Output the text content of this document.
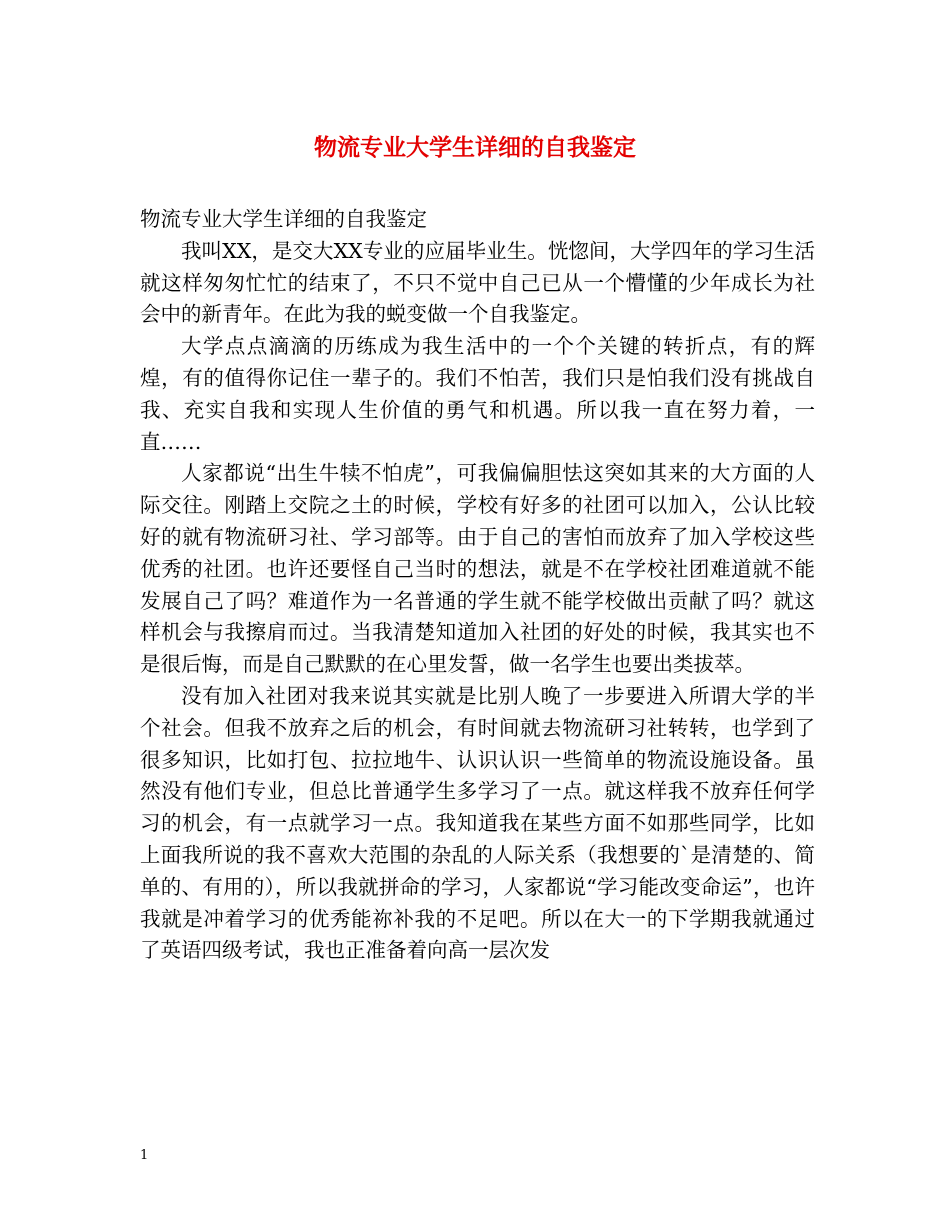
物流专业大学生详细的自我鉴定

物流专业大学生详细的自我鉴定

我叫XX，是交大XX专业的应届毕业生。恍惚间，大学四年的学习生活就这样匆匆忙忙的结束了，不只不觉中自己已从一个懵懂的少年成长为社会中的新青年。在此为我的蜕变做一个自我鉴定。

大学点点滴滴的历练成为我生活中的一个个关键的转折点，有的辉煌，有的值得你记住一辈子的。我们不怕苦，我们只是怕我们没有挑战自我、充实自我和实现人生价值的勇气和机遇。所以我一直在努力着，一直……

人家都说“出生牛犊不怕虎”，可我偏偏胆怯这突如其来的大方面的人际交往。刚踏上交院之土的时候，学校有好多的社团可以加入，公认比较好的就有物流研习社、学习部等。由于自己的害怕而放弃了加入学校这些优秀的社团。也许还要怪自己当时的想法，就是不在学校社团难道就不能发展自己了吗？难道作为一名普通的学生就不能学校做出贡献了吗？就这样机会与我擦肩而过。当我清楚知道加入社团的好处的时候，我其实也不是很后悔，而是自己默默的在心里发誓，做一名学生也要出类拔萃。

没有加入社团对我来说其实就是比别人晚了一步要进入所谓大学的半个社会。但我不放弃之后的机会，有时间就去物流研习社转转，也学到了很多知识，比如打包、拉拉地牛、认识认识一些简单的物流设施设备。虽然没有他们专业，但总比普通学生多学习了一点。就这样我不放弃任何学习的机会，有一点就学习一点。我知道我在某些方面不如那些同学，比如上面我所说的我不喜欢大范围的杂乱的人际关系（我想要的`是清楚的、简单的、有用的），所以我就拼命的学习，人家都说“学习能改变命运”，也许我就是冲着学习的优秀能祢补我的不足吧。所以在大一的下学期我就通过了英语四级考试，我也正准备着向高一层次发

1
